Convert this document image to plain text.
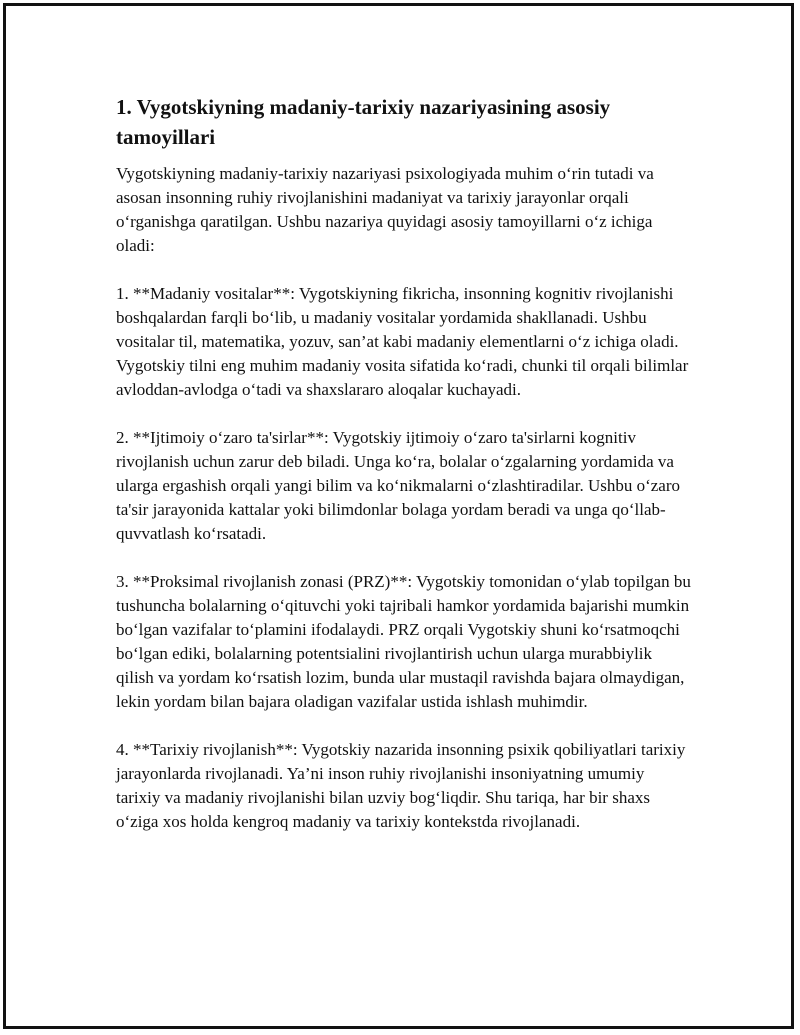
1. Vygotskiyning madaniy-tarixiy nazariyasining asosiy tamoyillari

Vygotskiyning madaniy-tarixiy nazariyasi psixologiyada muhim oʻrin tutadi va asosan insonning ruhiy rivojlanishini madaniyat va tarixiy jarayonlar orqali oʻrganishga qaratilgan. Ushbu nazariya quyidagi asosiy tamoyillarni oʻz ichiga oladi:

1. **Madaniy vositalar**: Vygotskiyning fikricha, insonning kognitiv rivojlanishi boshqalardan farqli boʻlib, u madaniy vositalar yordamida shakllanadi. Ushbu vositalar til, matematika, yozuv, san’at kabi madaniy elementlarni oʻz ichiga oladi. Vygotskiy tilni eng muhim madaniy vosita sifatida koʻradi, chunki til orqali bilimlar avloddan-avlodga oʻtadi va shaxslararo aloqalar kuchayadi.

2. **Ijtimoiy oʻzaro ta'sirlar**: Vygotskiy ijtimoiy oʻzaro ta'sirlarni kognitiv rivojlanish uchun zarur deb biladi. Unga koʻra, bolalar oʻzgalarning yordamida va ularga ergashish orqali yangi bilim va koʻnikmalarni oʻzlashtiradilar. Ushbu oʻzaro ta'sir jarayonida kattalar yoki bilimdonlar bolaga yordam beradi va unga qoʻllab-quvvatlash koʻrsatadi.

3. **Proksimal rivojlanish zonasi (PRZ)**: Vygotskiy tomonidan oʻylab topilgan bu tushuncha bolalarning oʻqituvchi yoki tajribali hamkor yordamida bajarishi mumkin boʻlgan vazifalar toʻplamini ifodalaydi. PRZ orqali Vygotskiy shuni koʻrsatmoqchi boʻlgan ediki, bolalarning potentsialini rivojlantirish uchun ularga murabbiylik qilish va yordam koʻrsatish lozim, bunda ular mustaqil ravishda bajara olmaydigan, lekin yordam bilan bajara oladigan vazifalar ustida ishlash muhimdir.

4. **Tarixiy rivojlanish**: Vygotskiy nazarida insonning psixik qobiliyatlari tarixiy jarayonlarda rivojlanadi. Ya’ni inson ruhiy rivojlanishi insoniyatning umumiy tarixiy va madaniy rivojlanishi bilan uzviy bogʻliqdir. Shu tariqa, har bir shaxs oʻziga xos holda kengroq madaniy va tarixiy kontekstda rivojlanadi.
